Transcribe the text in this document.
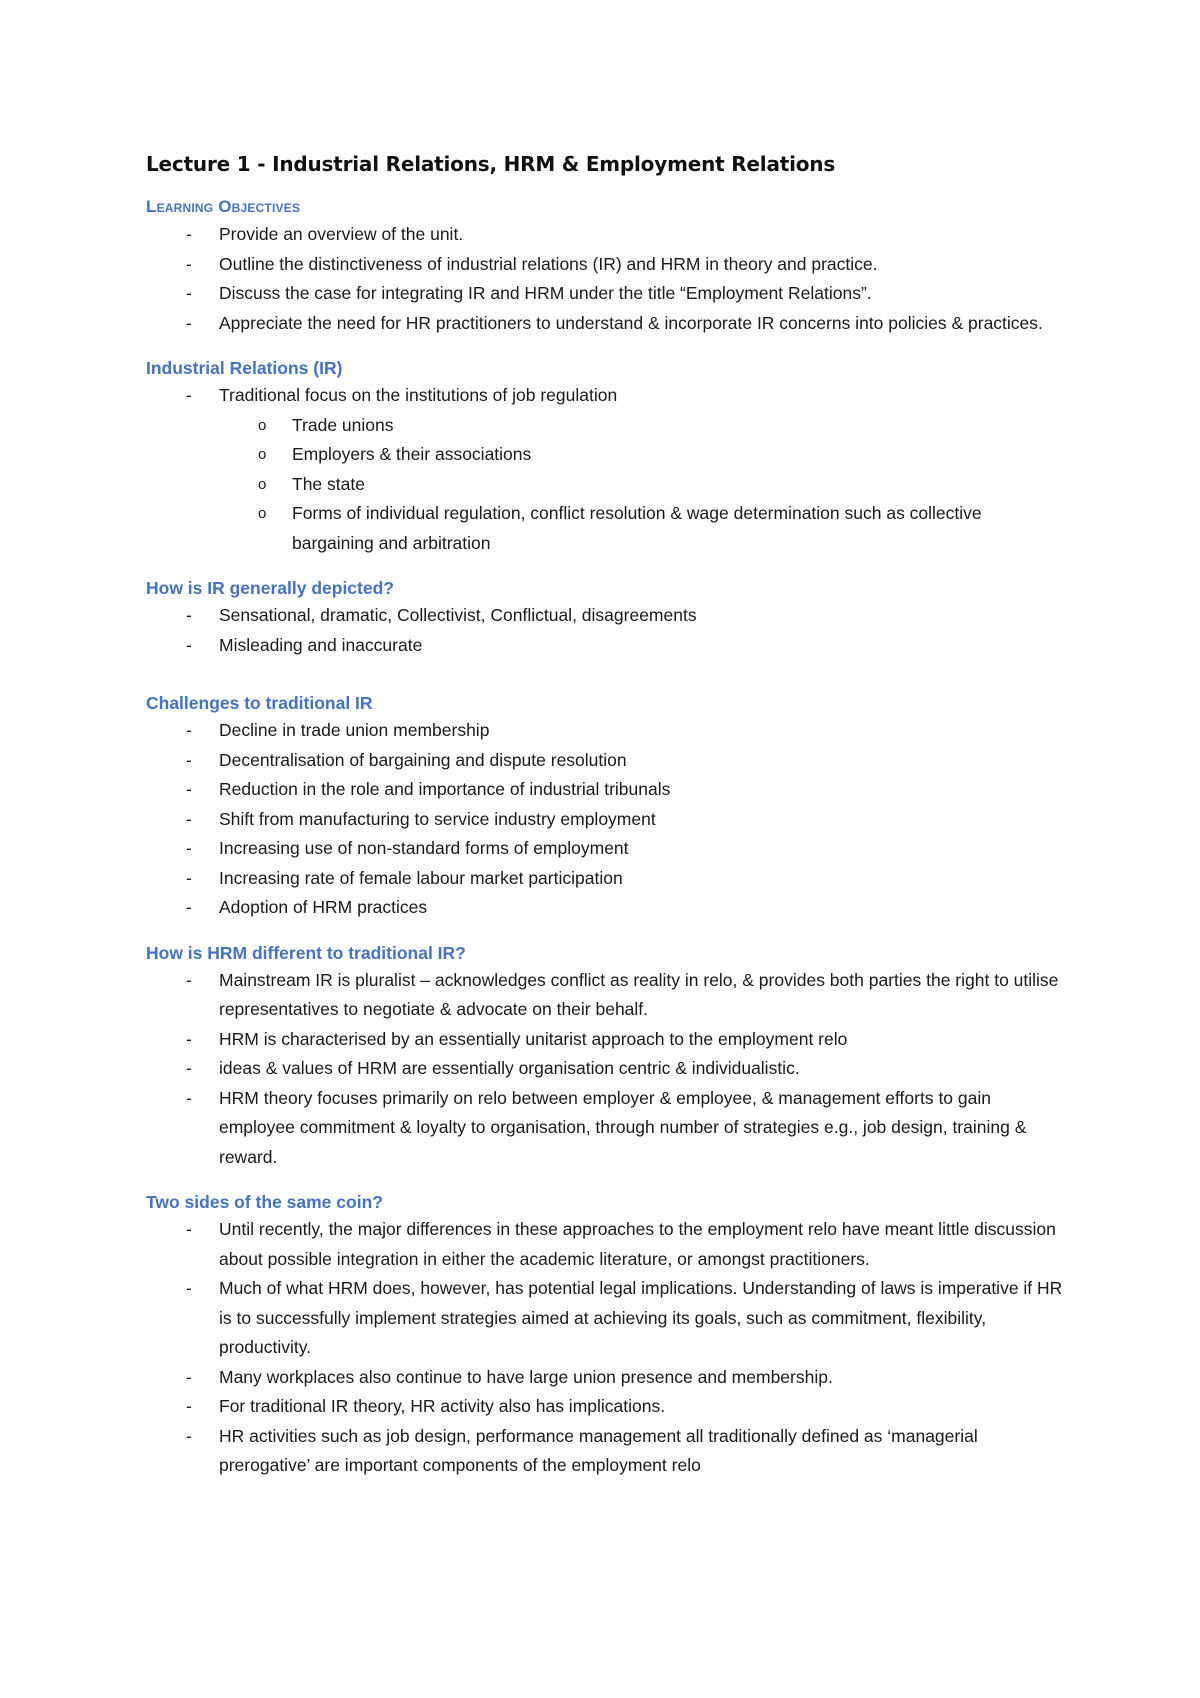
Lecture 1 - Industrial Relations, HRM & Employment Relations
Learning Objectives
- Provide an overview of the unit.
- Outline the distinctiveness of industrial relations (IR) and HRM in theory and practice.
- Discuss the case for integrating IR and HRM under the title “Employment Relations”.
- Appreciate the need for HR practitioners to understand & incorporate IR concerns into policies & practices.
Industrial Relations (IR)
- Traditional focus on the institutions of job regulation
o Trade unions
o Employers & their associations
o The state
o Forms of individual regulation, conflict resolution & wage determination such as collective bargaining and arbitration
How is IR generally depicted?
- Sensational, dramatic, Collectivist, Conflictual, disagreements
- Misleading and inaccurate
Challenges to traditional IR
- Decline in trade union membership
- Decentralisation of bargaining and dispute resolution
- Reduction in the role and importance of industrial tribunals
- Shift from manufacturing to service industry employment
- Increasing use of non-standard forms of employment
- Increasing rate of female labour market participation
- Adoption of HRM practices
How is HRM different to traditional IR?
- Mainstream IR is pluralist – acknowledges conflict as reality in relo, & provides both parties the right to utilise representatives to negotiate & advocate on their behalf.
- HRM is characterised by an essentially unitarist approach to the employment relo
- ideas & values of HRM are essentially organisation centric & individualistic.
- HRM theory focuses primarily on relo between employer & employee, & management efforts to gain employee commitment & loyalty to organisation, through number of strategies e.g., job design, training & reward.
Two sides of the same coin?
- Until recently, the major differences in these approaches to the employment relo have meant little discussion about possible integration in either the academic literature, or amongst practitioners.
- Much of what HRM does, however, has potential legal implications. Understanding of laws is imperative if HR is to successfully implement strategies aimed at achieving its goals, such as commitment, flexibility, productivity.
- Many workplaces also continue to have large union presence and membership.
- For traditional IR theory, HR activity also has implications.
- HR activities such as job design, performance management all traditionally defined as ‘managerial prerogative’ are important components of the employment relo
